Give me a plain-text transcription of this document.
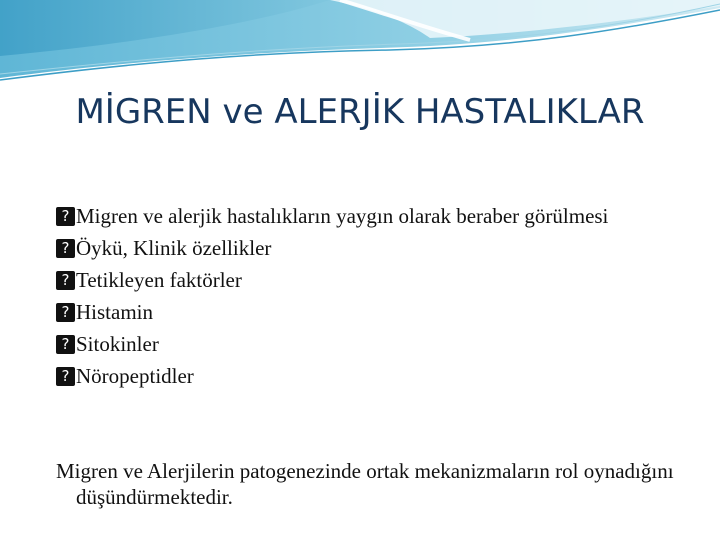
MİGREN ve ALERJİK HASTALIKLAR
? Migren ve alerjik hastalıkların yaygın olarak beraber görülmesi
? Öykü, Klinik özellikler
? Tetikleyen faktörler
? Histamin
? Sitokinler
? Nöropeptidler
Migren ve Alerjilerin patogenezinde ortak mekanizmaların rol oynadığını düşündürmektedir.
